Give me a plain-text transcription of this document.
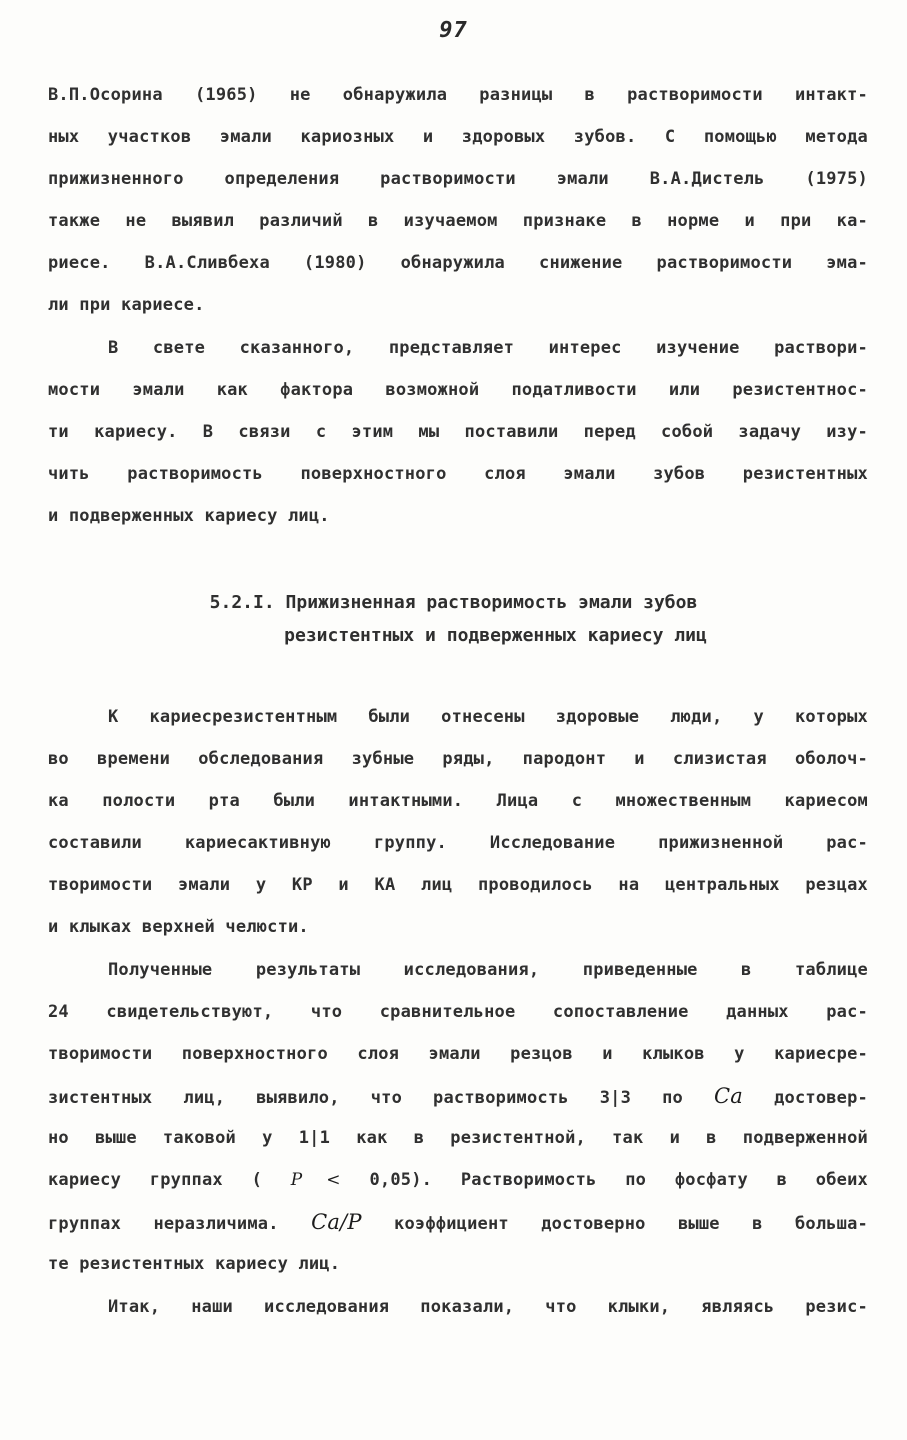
97
В.П.Осорина (1965) не обнаружила разницы в растворимости интакт-
ных участков эмали кариозных и здоровых зубов. С помощью метода
прижизненного определения растворимости эмали В.А.Дистель (1975)
также не выявил различий в изучаемом признаке в норме и при ка-
риесе. В.А.Сливбеха (1980) обнаружила снижение растворимости эма-
ли при кариесе.
В свете сказанного, представляет интерес изучение раствори-
мости эмали как фактора возможной податливости или резистентнос-
ти кариесу. В связи с этим мы поставили перед собой задачу изу-
чить растворимость поверхностного слоя эмали зубов резистентных
и подверженных кариесу лиц.
5.2.I. Прижизненная растворимость эмали зубов
резистентных и подверженных кариесу лиц
К кариесрезистентным были отнесены здоровые люди, у которых
во времени обследования зубные ряды, пародонт и слизистая оболоч-
ка полости рта были интактными. Лица с множественным кариесом
составили кариесактивную группу. Исследование прижизненной рас-
творимости эмали у КР и КА лиц проводилось на центральных резцах
и клыках верхней челюсти.
Полученные результаты исследования, приведенные в таблице
24 свидетельствуют, что сравнительное сопоставление данных рас-
творимости поверхностного слоя эмали резцов и клыков у кариесре-
зистентных лиц, выявило, что растворимость 3|3 по Ca достовер-
но выше таковой у 1|1 как в резистентной, так и в подверженной
кариесу группах ( P < 0,05). Растворимость по фосфату в обеих
группах неразличима. Ca/P коэффициент достоверно выше в больша-
те резистентных кариесу лиц.
Итак, наши исследования показали, что клыки, являясь резис-
